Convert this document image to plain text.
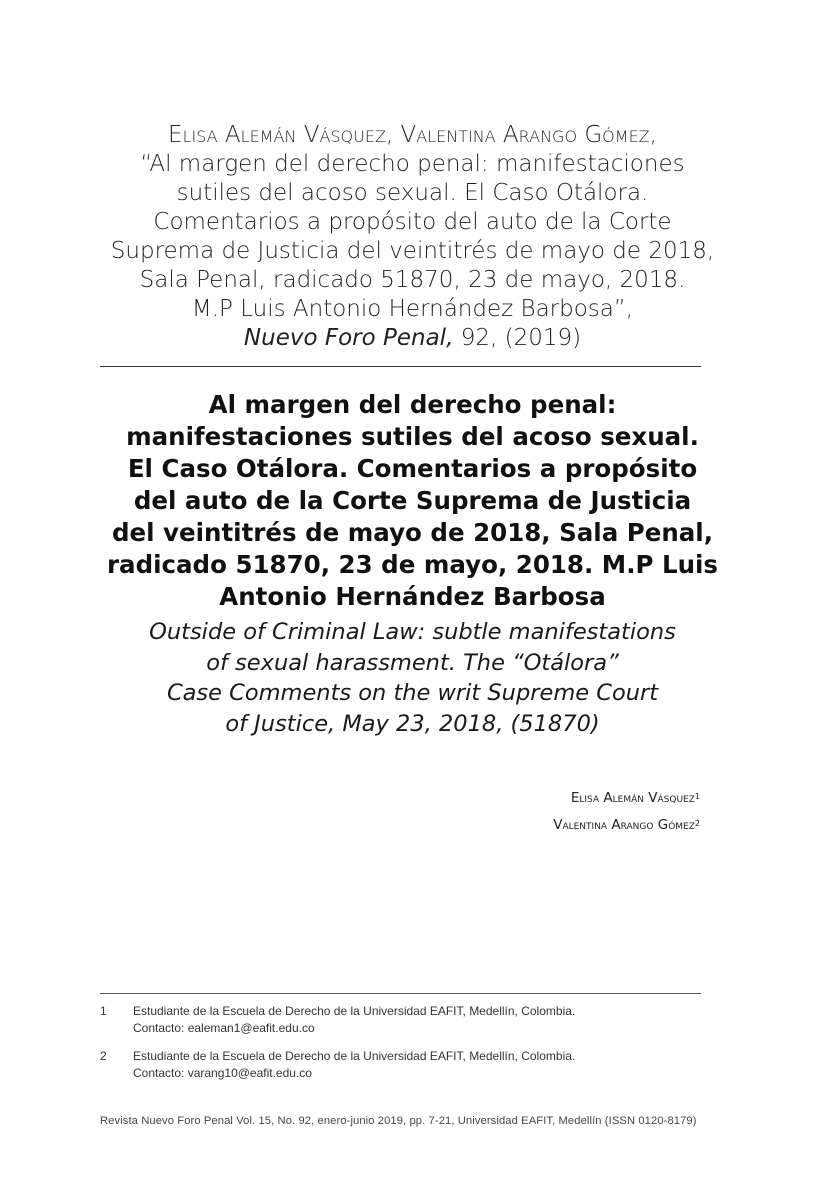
Elisa Alemán Vásquez, Valentina Arango Gómez,
“Al margen del derecho penal: manifestaciones
sutiles del acoso sexual. El Caso Otálora.
Comentarios a propósito del auto de la Corte
Suprema de Justicia del veintitrés de mayo de 2018,
Sala Penal, radicado 51870, 23 de mayo, 2018.
M.P Luis Antonio Hernández Barbosa”,
Nuevo Foro Penal, 92, (2019)
Al margen del derecho penal:
manifestaciones sutiles del acoso sexual.
El Caso Otálora. Comentarios a propósito
del auto de la Corte Suprema de Justicia
del veintitrés de mayo de 2018, Sala Penal,
radicado 51870, 23 de mayo, 2018. M.P Luis
Antonio Hernández Barbosa
Outside of Criminal Law: subtle manifestations
of sexual harassment. The “Otálora”
Case Comments on the writ Supreme Court
of Justice, May 23, 2018, (51870)
Elisa Alemán Vásquez$^1$
Valentina Arango Gómez$^2$
1 Estudiante de la Escuela de Derecho de la Universidad EAFIT, Medellín, Colombia.
Contacto: ealeman1@eafit.edu.co
2 Estudiante de la Escuela de Derecho de la Universidad EAFIT, Medellín, Colombia.
Contacto: varang10@eafit.edu.co
Revista Nuevo Foro Penal Vol. 15, No. 92, enero-junio 2019, pp. 7-21, Universidad EAFIT, Medellín (ISSN 0120-8179)
